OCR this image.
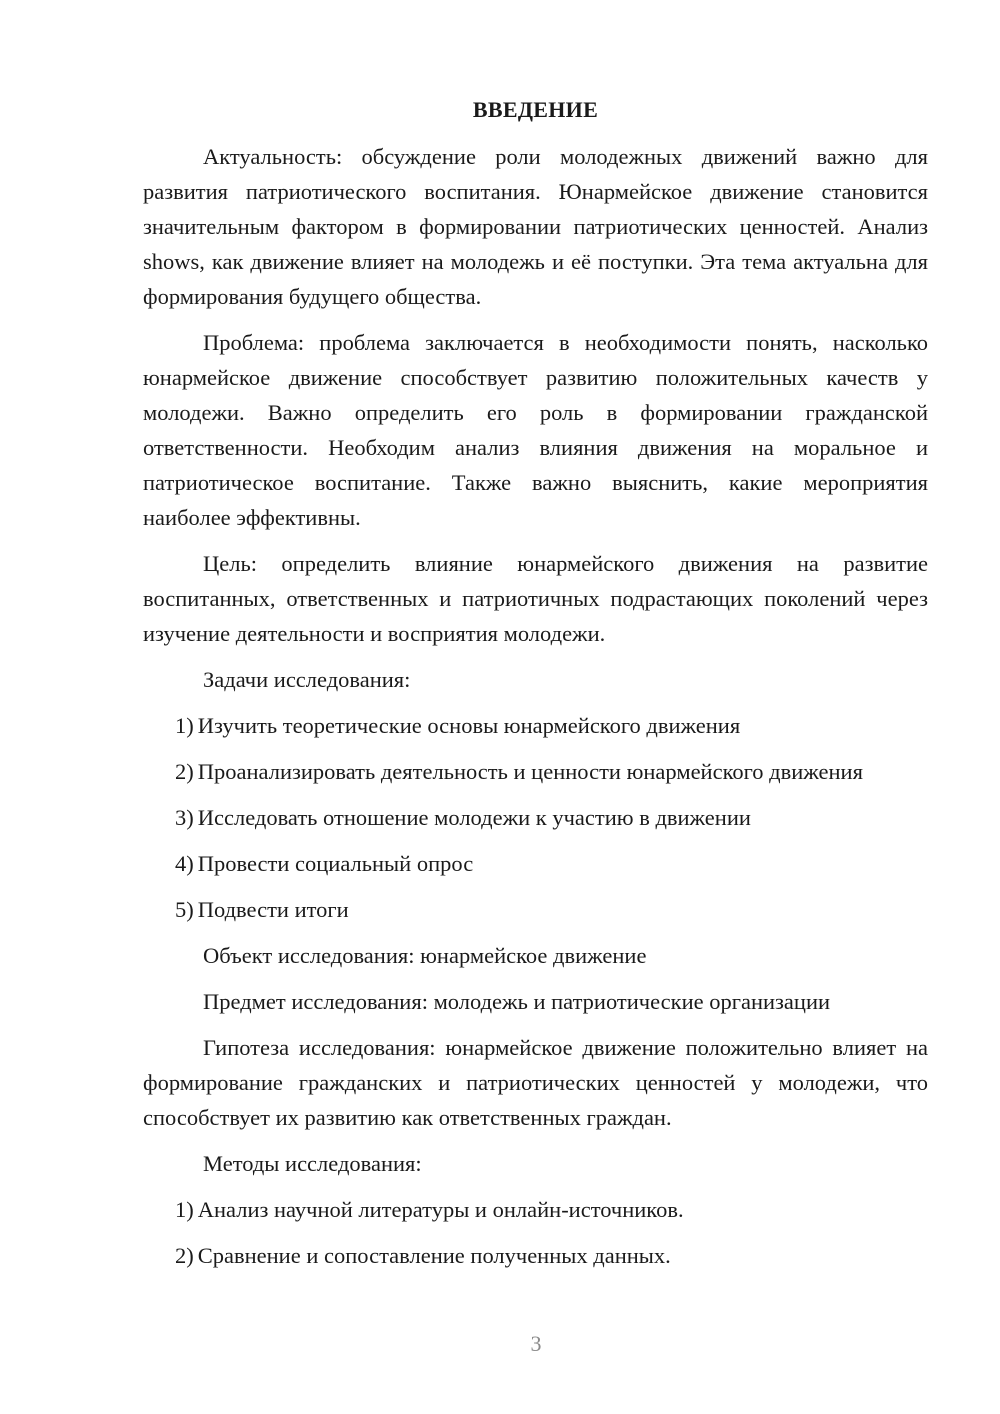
ВВЕДЕНИЕ

Актуальность: обсуждение роли молодежных движений важно для развития патриотического воспитания. Юнармейское движение становится значительным фактором в формировании патриотических ценностей. Анализ shows, как движение влияет на молодежь и её поступки. Эта тема актуальна для формирования будущего общества.

Проблема: проблема заключается в необходимости понять, насколько юнармейское движение способствует развитию положительных качеств у молодежи. Важно определить его роль в формировании гражданской ответственности. Необходим анализ влияния движения на моральное и патриотическое воспитание. Также важно выяснить, какие мероприятия наиболее эффективны.

Цель: определить влияние юнармейского движения на развитие воспитанных, ответственных и патриотичных подрастающих поколений через изучение деятельности и восприятия молодежи.

Задачи исследования:

1) Изучить теоретические основы юнармейского движения

2) Проанализировать деятельность и ценности юнармейского движения

3) Исследовать отношение молодежи к участию в движении

4) Провести социальный опрос

5) Подвести итоги

Объект исследования: юнармейское движение

Предмет исследования: молодежь и патриотические организации

Гипотеза исследования: юнармейское движение положительно влияет на формирование гражданских и патриотических ценностей у молодежи, что способствует их развитию как ответственных граждан.

Методы исследования:

1) Анализ научной литературы и онлайн-источников.

2) Сравнение и сопоставление полученных данных.

3
